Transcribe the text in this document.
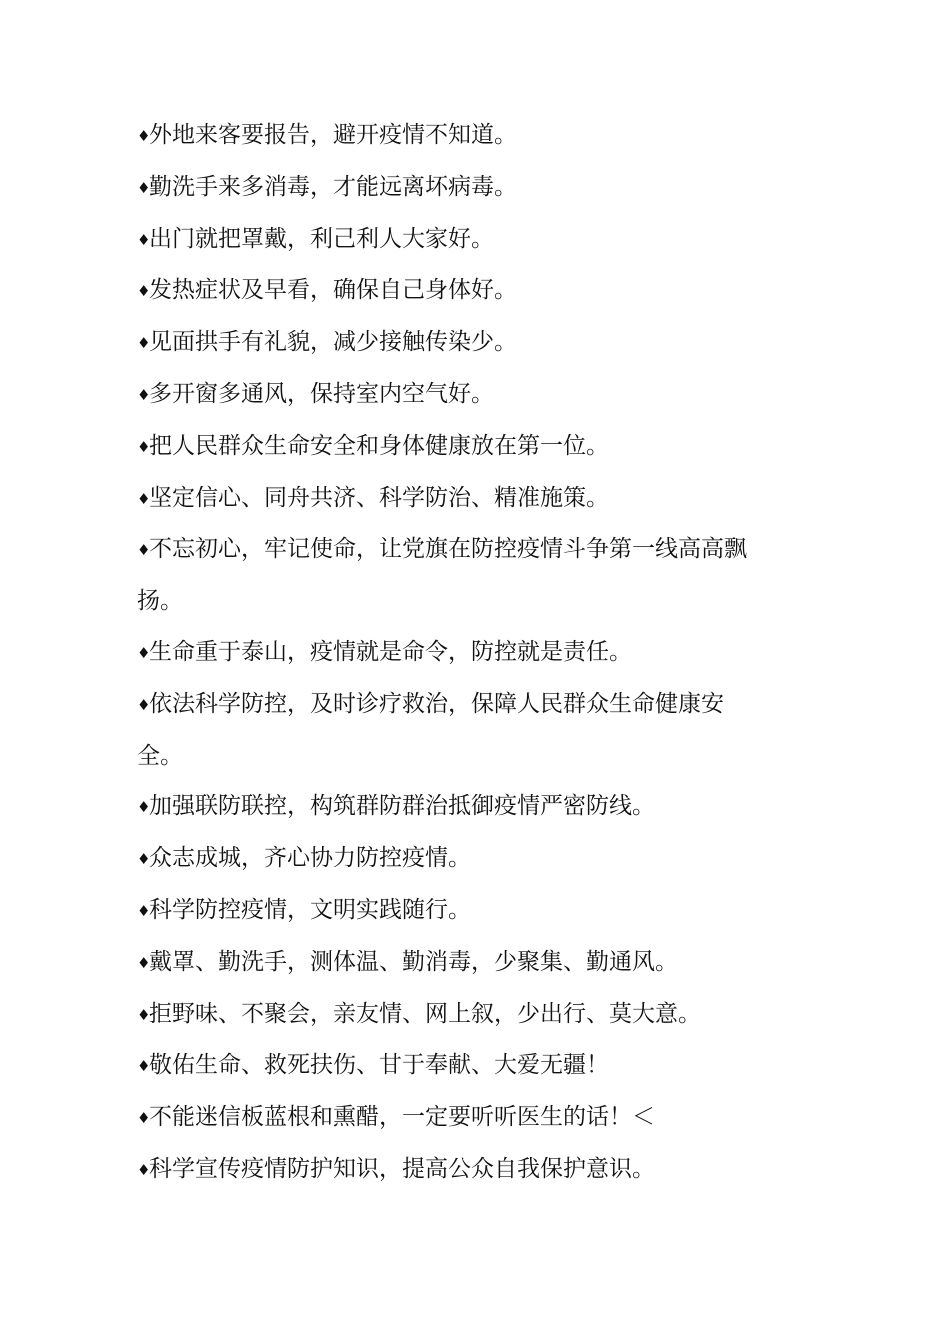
♦外地来客要报告，避开疫情不知道。

♦勤洗手来多消毒，才能远离坏病毒。

♦出门就把罩戴，利己利人大家好。

♦发热症状及早看，确保自己身体好。

♦见面拱手有礼貌，减少接触传染少。

♦多开窗多通风，保持室内空气好。

♦把人民群众生命安全和身体健康放在第一位。

♦坚定信心、同舟共济、科学防治、精准施策。

♦不忘初心，牢记使命，让党旗在防控疫情斗争第一线高高飘扬。

♦生命重于泰山，疫情就是命令，防控就是责任。

♦依法科学防控，及时诊疗救治，保障人民群众生命健康安全。

♦加强联防联控，构筑群防群治抵御疫情严密防线。

♦众志成城，齐心协力防控疫情。

♦科学防控疫情，文明实践随行。

♦戴罩、勤洗手，测体温、勤消毒，少聚集、勤通风。

♦拒野味、不聚会，亲友情、网上叙，少出行、莫大意。

♦敬佑生命、救死扶伤、甘于奉献、大爱无疆！

♦不能迷信板蓝根和熏醋，一定要听听医生的话！＜

♦科学宣传疫情防护知识，提高公众自我保护意识。
